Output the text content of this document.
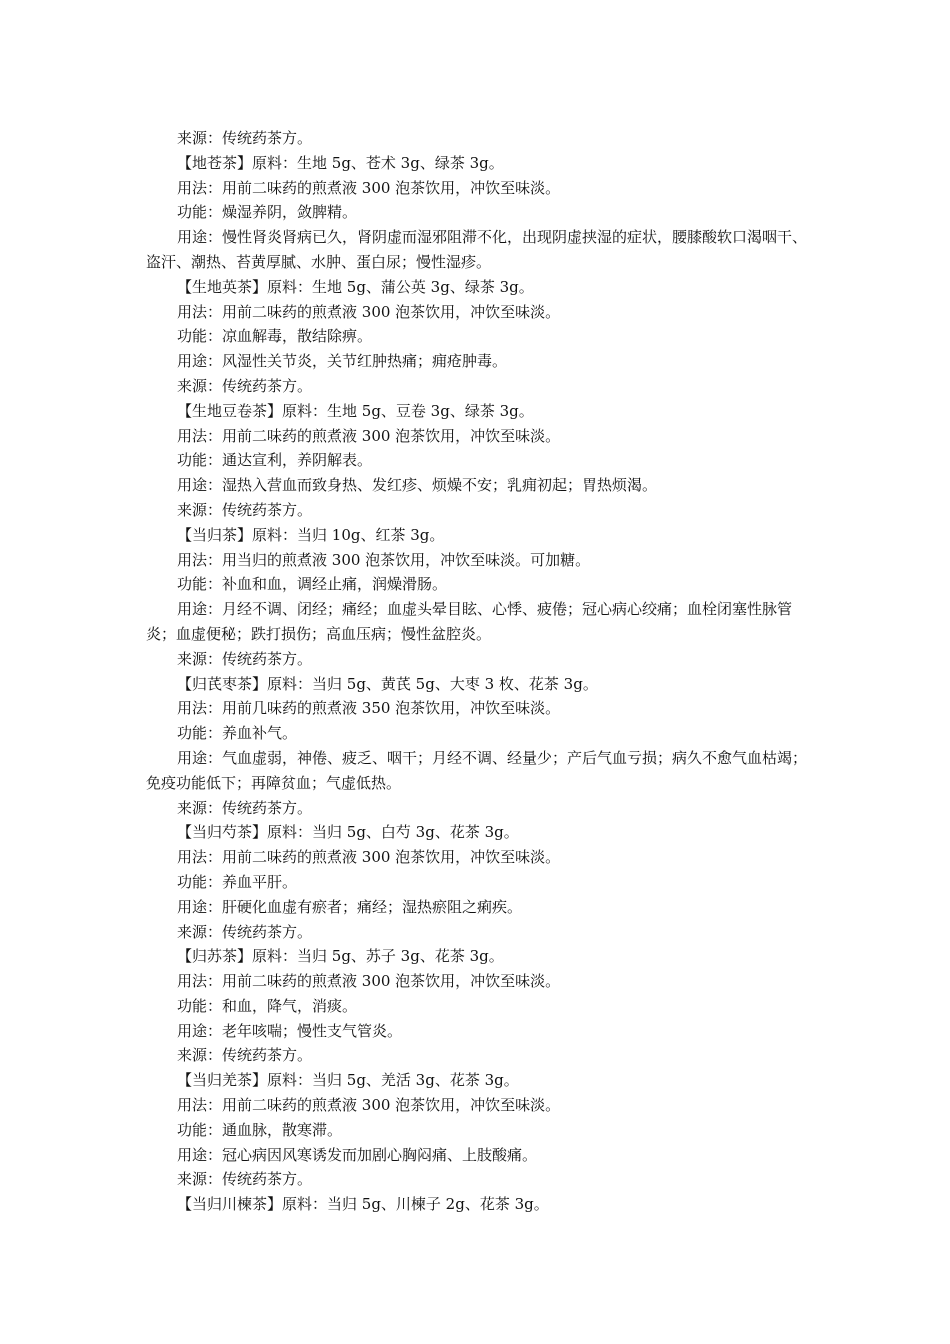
来源：传统药茶方。

【地苍茶】原料：生地 5g、苍术 3g、绿茶 3g。

用法：用前二味药的煎煮液 300 泡茶饮用，冲饮至味淡。

功能：燥湿养阴，敛脾精。

用途：慢性肾炎肾病已久，肾阴虚而湿邪阻滞不化，出现阴虚挟湿的症状，腰膝酸软口渴咽干、盗汗、潮热、苔黄厚腻、水肿、蛋白尿；慢性湿疹。

【生地英茶】原料：生地 5g、蒲公英 3g、绿茶 3g。

用法：用前二味药的煎煮液 300 泡茶饮用，冲饮至味淡。

功能：凉血解毒，散结除痹。

用途：风湿性关节炎，关节红肿热痛；痈疮肿毒。

来源：传统药茶方。

【生地豆卷茶】原料：生地 5g、豆卷 3g、绿茶 3g。

用法：用前二味药的煎煮液 300 泡茶饮用，冲饮至味淡。

功能：通达宣利，养阴解表。

用途：湿热入营血而致身热、发红疹、烦燥不安；乳痈初起；胃热烦渴。

来源：传统药茶方。

【当归茶】原料：当归 10g、红茶 3g。

用法：用当归的煎煮液 300 泡茶饮用，冲饮至味淡。可加糖。

功能：补血和血，调经止痛，润燥滑肠。

用途：月经不调、闭经；痛经；血虚头晕目眩、心悸、疲倦；冠心病心绞痛；血栓闭塞性脉管炎；血虚便秘；跌打损伤；高血压病；慢性盆腔炎。

来源：传统药茶方。

【归芪枣茶】原料：当归 5g、黄芪 5g、大枣 3 枚、花茶 3g。

用法：用前几味药的煎煮液 350 泡茶饮用，冲饮至味淡。

功能：养血补气。

用途：气血虚弱，神倦、疲乏、咽干；月经不调、经量少；产后气血亏损；病久不愈气血枯竭；免疫功能低下；再障贫血；气虚低热。

来源：传统药茶方。

【当归芍茶】原料：当归 5g、白芍 3g、花茶 3g。

用法：用前二味药的煎煮液 300 泡茶饮用，冲饮至味淡。

功能：养血平肝。

用途：肝硬化血虚有瘀者；痛经；湿热瘀阻之痢疾。

来源：传统药茶方。

【归苏茶】原料：当归 5g、苏子 3g、花茶 3g。

用法：用前二味药的煎煮液 300 泡茶饮用，冲饮至味淡。

功能：和血，降气，消痰。

用途：老年咳喘；慢性支气管炎。

来源：传统药茶方。

【当归羌茶】原料：当归 5g、羌活 3g、花茶 3g。

用法：用前二味药的煎煮液 300 泡茶饮用，冲饮至味淡。

功能：通血脉，散寒滞。

用途：冠心病因风寒诱发而加剧心胸闷痛、上肢酸痛。

来源：传统药茶方。

【当归川楝茶】原料：当归 5g、川楝子 2g、花茶 3g。
